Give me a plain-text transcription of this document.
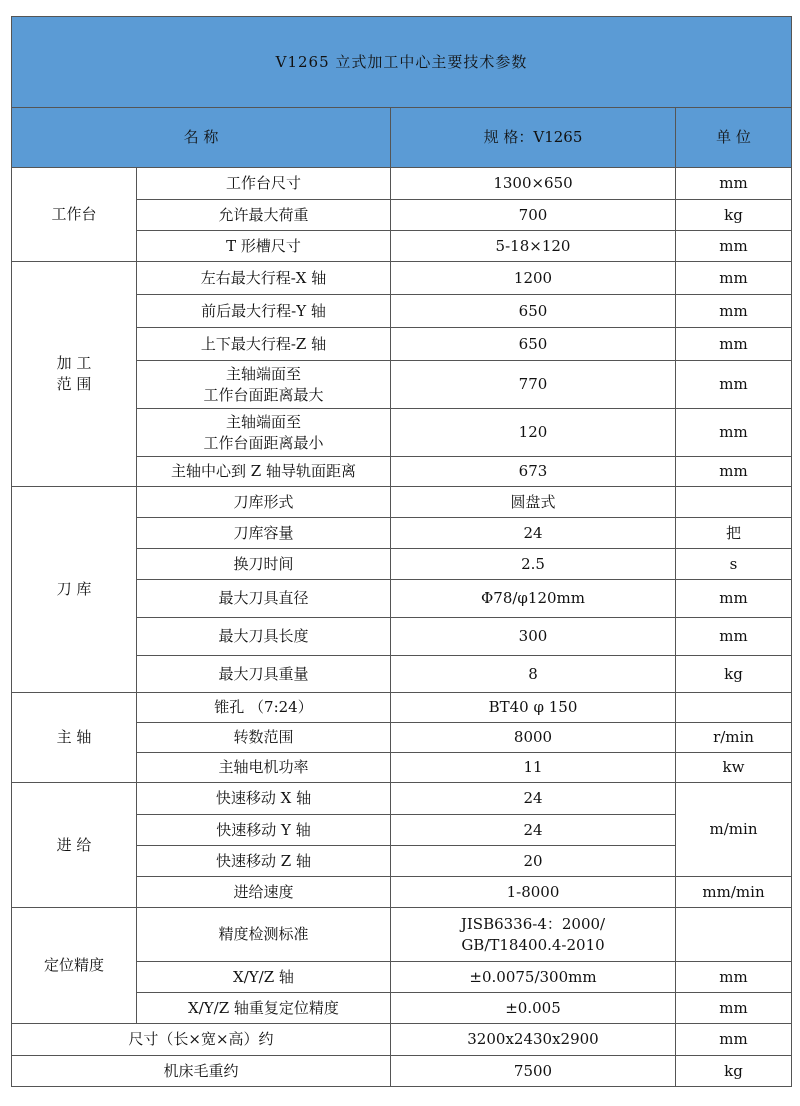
V1265 立式加工中心主要技术参数			
名 称		规 格：V1265	单 位
工作台	工作台尺寸	1300×650	mm
	允许最大荷重	700	kg
	T 形槽尺寸	5-18×120	mm

加 工
范 围	左右最大行程-X 轴	1200	mm
	前后最大行程-Y 轴	650	mm
	上下最大行程-Z 轴	650	mm

	主轴端面至
工作台面距离最大	770	mm

	主轴端面至
工作台面距离最小	120	mm
	主轴中心到 Z 轴导轨面距离	673	mm
刀 库	刀库形式	圆盘式	
	刀库容量	24	把
	换刀时间	2.5	s
	最大刀具直径	Φ78/φ120mm	mm
	最大刀具长度	300	mm
	最大刀具重量	8	kg
主 轴	锥孔 （7:24）	BT40 φ 150	
	转数范围	8000	r/min
	主轴电机功率	11	kw
进 给	快速移动 X 轴	24	m/min
	快速移动 Y 轴	24	
	快速移动 Z 轴	20	
	进给速度	1-8000	mm/min
定位精度	精度检测标准	JISB6336-4：2000/
GB/T18400.4-2010	

	X/Y/Z 轴	±0.0075/300mm	mm
	X/Y/Z 轴重复定位精度	±0.005	mm
尺寸（长×宽×高）约		3200x2430x2900	mm
机床毛重约		7500	kg
